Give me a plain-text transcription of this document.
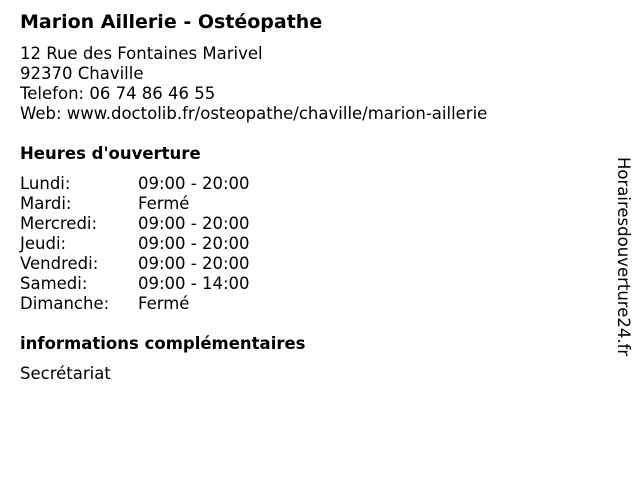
Marion Aillerie - Ostéopathe
12 Rue des Fontaines Marivel
92370 Chaville
Telefon: 06 74 86 46 55
Web: www.doctolib.fr/osteopathe/chaville/marion-aillerie
Heures d'ouverture
Lundi:	09:00 - 20:00
Mardi:	Fermé
Mercredi:	09:00 - 20:00
Jeudi:	09:00 - 20:00
Vendredi:	09:00 - 20:00
Samedi:	09:00 - 14:00
Dimanche:	Fermé
informations complémentaires
Secrétariat
Horairesdouverture24.fr
